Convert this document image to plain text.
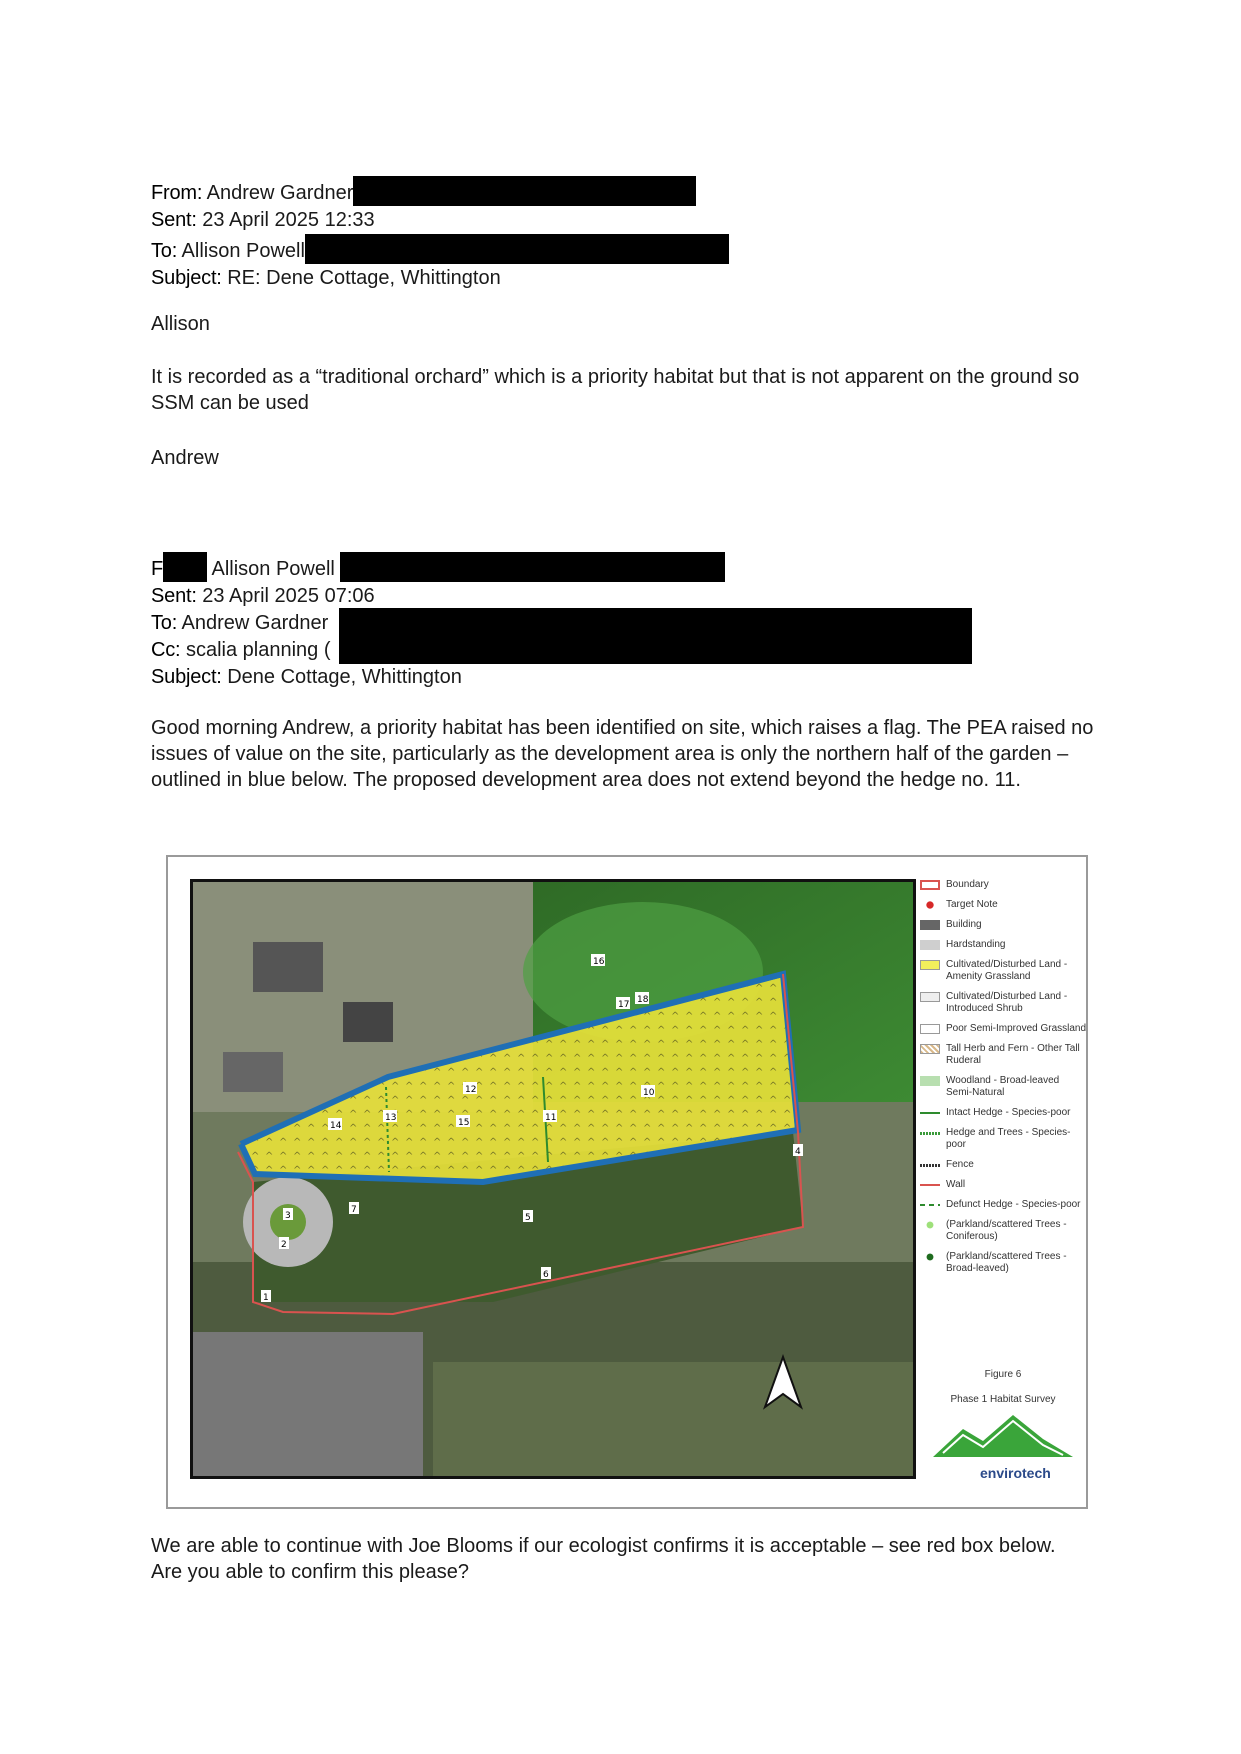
From: Andrew Gardner
Sent: 23 April 2025 12:33
To: Allison Powell
Subject: RE: Dene Cottage, Whittington

Allison

It is recorded as a “traditional orchard” which is a priority habitat but that is not apparent on the ground so SSM can be used

Andrew

F Allison Powell
Sent: 23 April 2025 07:06
To: Andrew Gardner
Cc: scalia planning (
Subject: Dene Cottage, Whittington

Good morning Andrew, a priority habitat has been identified on site, which raises a flag. The PEA raised no issues of value on the site, particularly as the development area is only the northern half of the garden – outlined in blue below. The proposed development area does not extend beyond the hedge no. 11.

16
17 18
10
12
13
14	15	11
3
2
1
7
5
6
4
Boundary
Target Note
Building
Hardstanding
Cultivated/Disturbed Land - Amenity Grassland
Cultivated/Disturbed Land - Introduced Shrub
Poor Semi-Improved Grassland
Tall Herb and Fern - Other Tall Ruderal
Woodland - Broad-leaved Semi-Natural
Intact Hedge - Species-poor
Hedge and Trees - Species-poor
Fence
Wall
Defunct Hedge - Species-poor
(Parkland/scattered Trees - Coniferous)
(Parkland/scattered Trees - Broad-leaved)
Figure 6
Phase 1 Habitat Survey
envirotech

We are able to continue with Joe Blooms if our ecologist confirms it is acceptable – see red box below.

Are you able to confirm this please?
